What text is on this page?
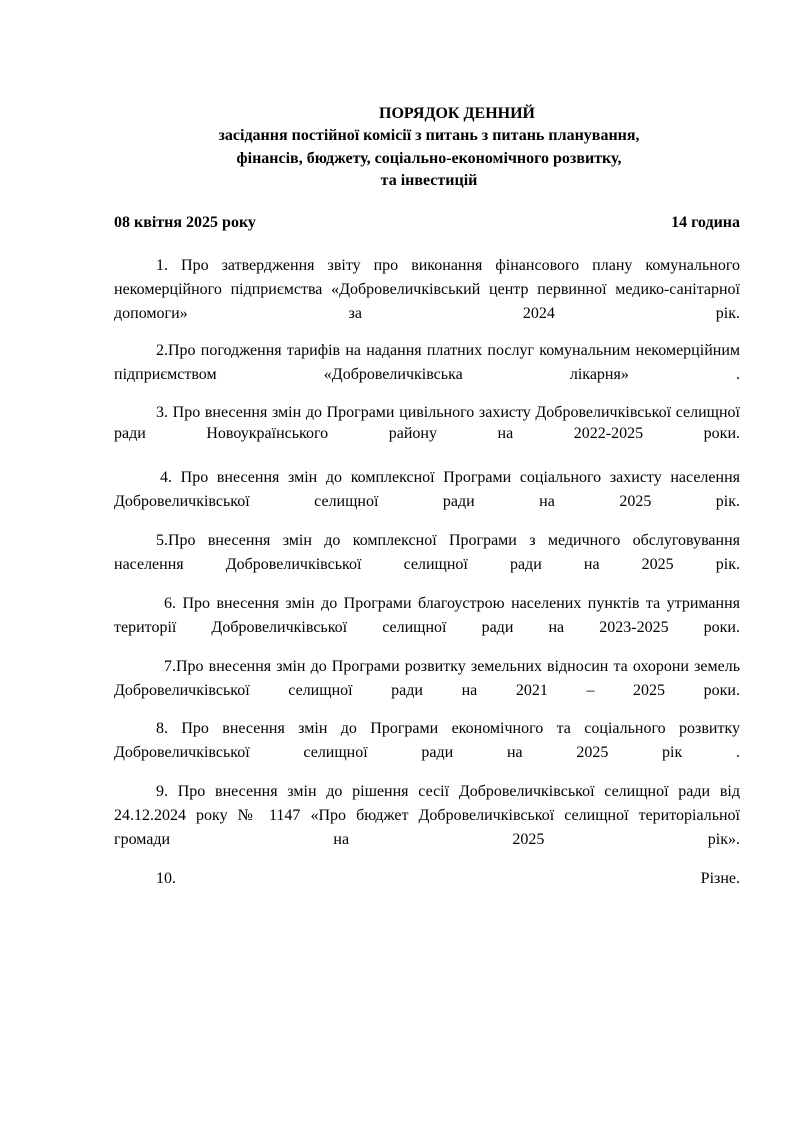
ПОРЯДОК ДЕННИЙ
засідання постійної комісії з питань з питань планування,
фінансів, бюджету, соціально-економічного розвитку,
та інвестицій
08 квітня 2025 року	14 година
1. Про затвердження звіту про виконання фінансового плану комунального некомерційного підприємства «Добровеличківський центр первинної медико-санітарної допомоги» за 2024 рік.
2.Про погодження тарифів на надання платних послуг комунальним некомерційним підприємством «Добровеличківська лікарня» .
3. Про внесення змін до Програми цивільного захисту Добровеличківської селищної ради Новоукраїнського району на 2022-2025 роки.
4. Про внесення змін до комплексної Програми соціального захисту населення Добровеличківської селищної ради на 2025 рік.
5.Про внесення змін до комплексної Програми з медичного обслуговування населення Добровеличківської селищної ради на 2025 рік.
6. Про внесення змін до Програми благоустрою населених пунктів та утримання території Добровеличківської селищної ради на 2023-2025 роки.
7.Про внесення змін до Програми розвитку земельних відносин та охорони земель Добровеличківської селищної ради на 2021 – 2025 роки.
8. Про внесення змін до Програми економічного та соціального розвитку Добровеличківської селищної ради на 2025 рік .
9. Про внесення змін до рішення сесії Добровеличківської селищної ради від 24.12.2024 року № 1147 «Про бюджет Добровеличківської селищної територіальної громади на 2025 рік».
10. Різне.
